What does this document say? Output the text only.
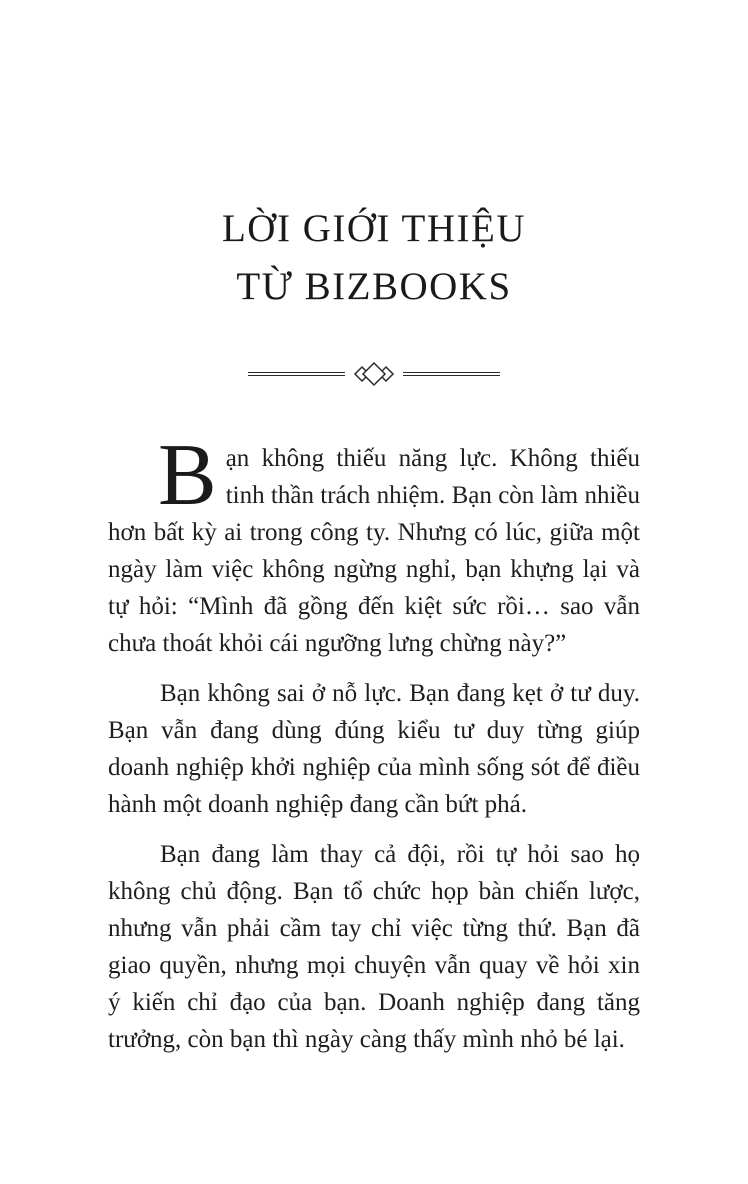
LỜI GIỚI THIỆU
TỪ BIZBOOKS

Bạn không thiếu năng lực. Không thiếu tinh thần trách nhiệm. Bạn còn làm nhiều hơn bất kỳ ai trong công ty. Nhưng có lúc, giữa một ngày làm việc không ngừng nghỉ, bạn khựng lại và tự hỏi: “Mình đã gồng đến kiệt sức rồi… sao vẫn chưa thoát khỏi cái ngưỡng lưng chừng này?”

Bạn không sai ở nỗ lực. Bạn đang kẹt ở tư duy. Bạn vẫn đang dùng đúng kiểu tư duy từng giúp doanh nghiệp khởi nghiệp của mình sống sót để điều hành một doanh nghiệp đang cần bứt phá.

Bạn đang làm thay cả đội, rồi tự hỏi sao họ không chủ động. Bạn tổ chức họp bàn chiến lược, nhưng vẫn phải cầm tay chỉ việc từng thứ. Bạn đã giao quyền, nhưng mọi chuyện vẫn quay về hỏi xin ý kiến chỉ đạo của bạn. Doanh nghiệp đang tăng trưởng, còn bạn thì ngày càng thấy mình nhỏ bé lại.
